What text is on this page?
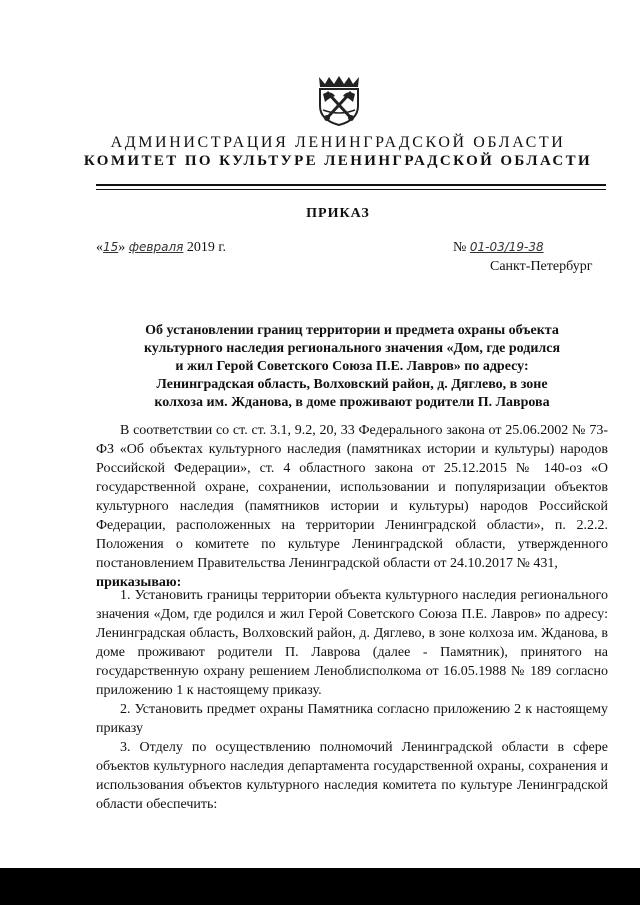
АДМИНИСТРАЦИЯ ЛЕНИНГРАДСКОЙ ОБЛАСТИ
КОМИТЕТ ПО КУЛЬТУРЕ ЛЕНИНГРАДСКОЙ ОБЛАСТИ
ПРИКАЗ
«15» февраля 2019 г.	№ 01-03/19-38
Санкт-Петербург
Об установлении границ территории и предмета охраны объекта
культурного наследия регионального значения «Дом, где родился
и жил Герой Советского Союза П.Е. Лавров» по адресу:
Ленинградская область, Волховский район, д. Дяглево, в зоне
колхоза им. Жданова, в доме проживают родители П. Лаврова

В соответствии со ст. ст. 3.1, 9.2, 20, 33 Федерального закона от 25.06.2002 № 73-ФЗ «Об объектах культурного наследия (памятниках истории и культуры) народов Российской Федерации», ст. 4 областного закона от 25.12.2015 № 140-оз «О государственной охране, сохранении, использовании и популяризации объектов культурного наследия (памятников истории и культуры) народов Российской Федерации, расположенных на территории Ленинградской области», п. 2.2.2. Положения о комитете по культуре Ленинградской области, утвержденного постановлением Правительства Ленинградской области от 24.10.2017 № 431,
приказываю:

1. Установить границы территории объекта культурного наследия регионального значения «Дом, где родился и жил Герой Советского Союза П.Е. Лавров» по адресу: Ленинградская область, Волховский район, д. Дяглево, в зоне колхоза им. Жданова, в доме проживают родители П. Лаврова (далее - Памятник), принятого на государственную охрану решением Леноблисполкома от 16.05.1988 № 189 согласно приложению 1 к настоящему приказу.

2. Установить предмет охраны Памятника согласно приложению 2 к настоящему приказу

3. Отделу по осуществлению полномочий Ленинградской области в сфере объектов культурного наследия департамента государственной охраны, сохранения и использования объектов культурного наследия комитета по культуре Ленинградской области обеспечить:
